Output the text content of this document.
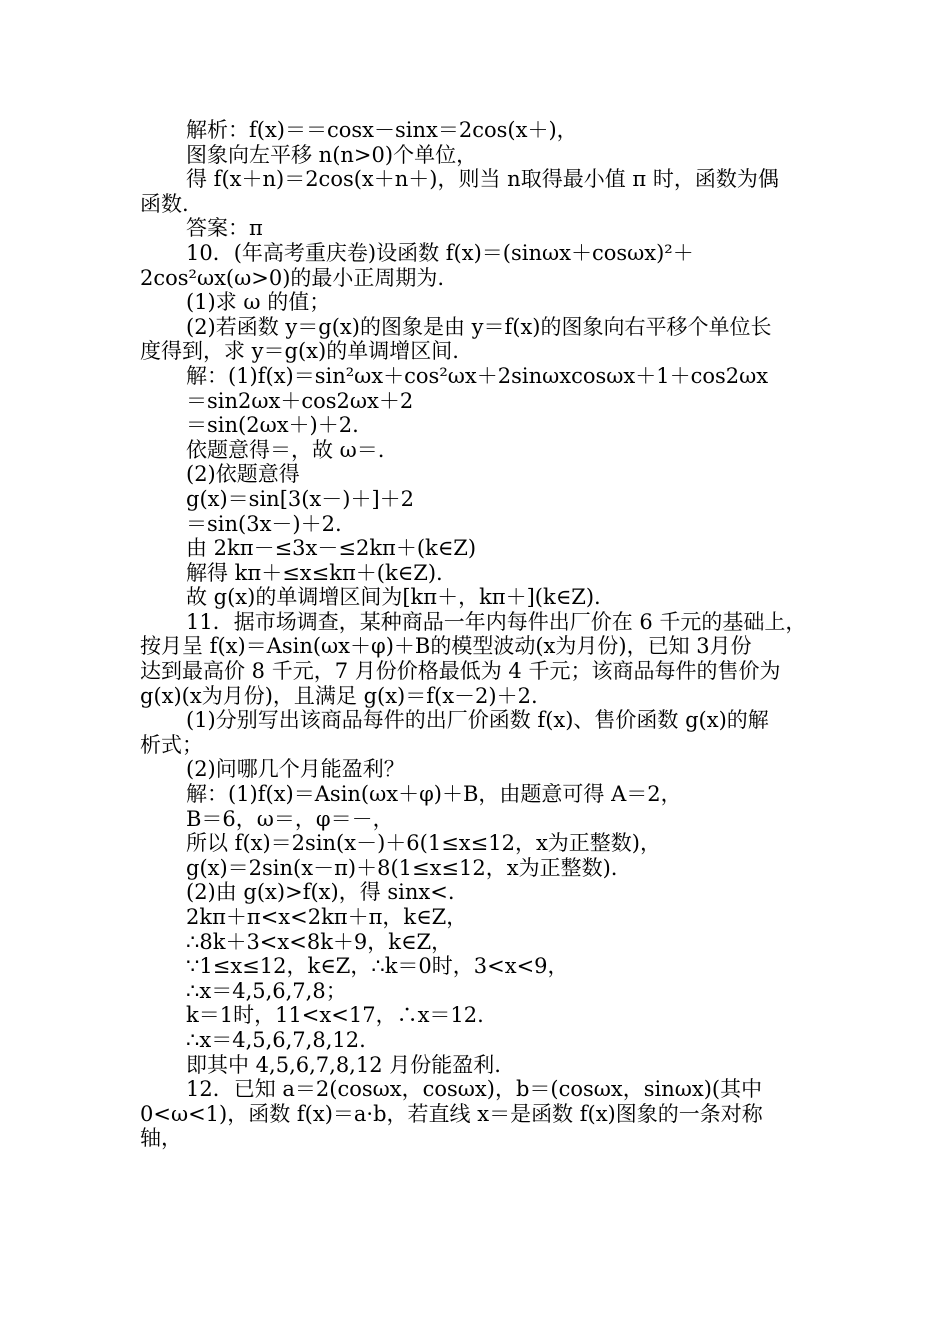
解析：f(x)＝＝cosx－sinx＝2cos(x＋)，
图象向左平移 n(n>0)个单位，
得 f(x＋n)＝2cos(x＋n＋)，则当 n取得最小值 π 时，函数为偶
函数.
答案：π
10．(年高考重庆卷)设函数 f(x)＝(sinωx＋cosωx)²＋
2cos²ωx(ω>0)的最小正周期为.
(1)求 ω 的值；
(2)若函数 y＝g(x)的图象是由 y＝f(x)的图象向右平移个单位长
度得到，求 y＝g(x)的单调增区间.
解：(1)f(x)＝sin²ωx＋cos²ωx＋2sinωxcosωx＋1＋cos2ωx
＝sin2ωx＋cos2ωx＋2
＝sin(2ωx＋)＋2.
依题意得＝，故 ω＝.
(2)依题意得
g(x)＝sin[3(x－)＋]＋2
＝sin(3x－)＋2.
由 2kπ－≤3x－≤2kπ＋(k∈Z)
解得 kπ＋≤x≤kπ＋(k∈Z).
故 g(x)的单调增区间为[kπ＋，kπ＋](k∈Z).
11．据市场调查，某种商品一年内每件出厂价在 6 千元的基础上，
按月呈 f(x)＝Asin(ωx＋φ)＋B的模型波动(x为月份)，已知 3月份
达到最高价 8 千元，7 月份价格最低为 4 千元；该商品每件的售价为
g(x)(x为月份)，且满足 g(x)＝f(x－2)＋2.
(1)分别写出该商品每件的出厂价函数 f(x)、售价函数 g(x)的解
析式；
(2)问哪几个月能盈利？
解：(1)f(x)＝Asin(ωx＋φ)＋B，由题意可得 A＝2，
B＝6，ω＝，φ＝－，
所以 f(x)＝2sin(x－)＋6(1≤x≤12，x为正整数)，
g(x)＝2sin(x－π)＋8(1≤x≤12，x为正整数).
(2)由 g(x)>f(x)，得 sinx<.
2kπ＋π<x<2kπ＋π，k∈Z，
∴8k＋3<x<8k＋9，k∈Z，
∵1≤x≤12，k∈Z，∴k＝0时，3<x<9，
∴x＝4,5,6,7,8；
k＝1时，11<x<17，∴x＝12.
∴x＝4,5,6,7,8,12.
即其中 4,5,6,7,8,12 月份能盈利.
12．已知 a＝2(cosωx，cosωx)，b＝(cosωx，sinωx)(其中
0<ω<1)，函数 f(x)＝a·b，若直线 x＝是函数 f(x)图象的一条对称
轴，
